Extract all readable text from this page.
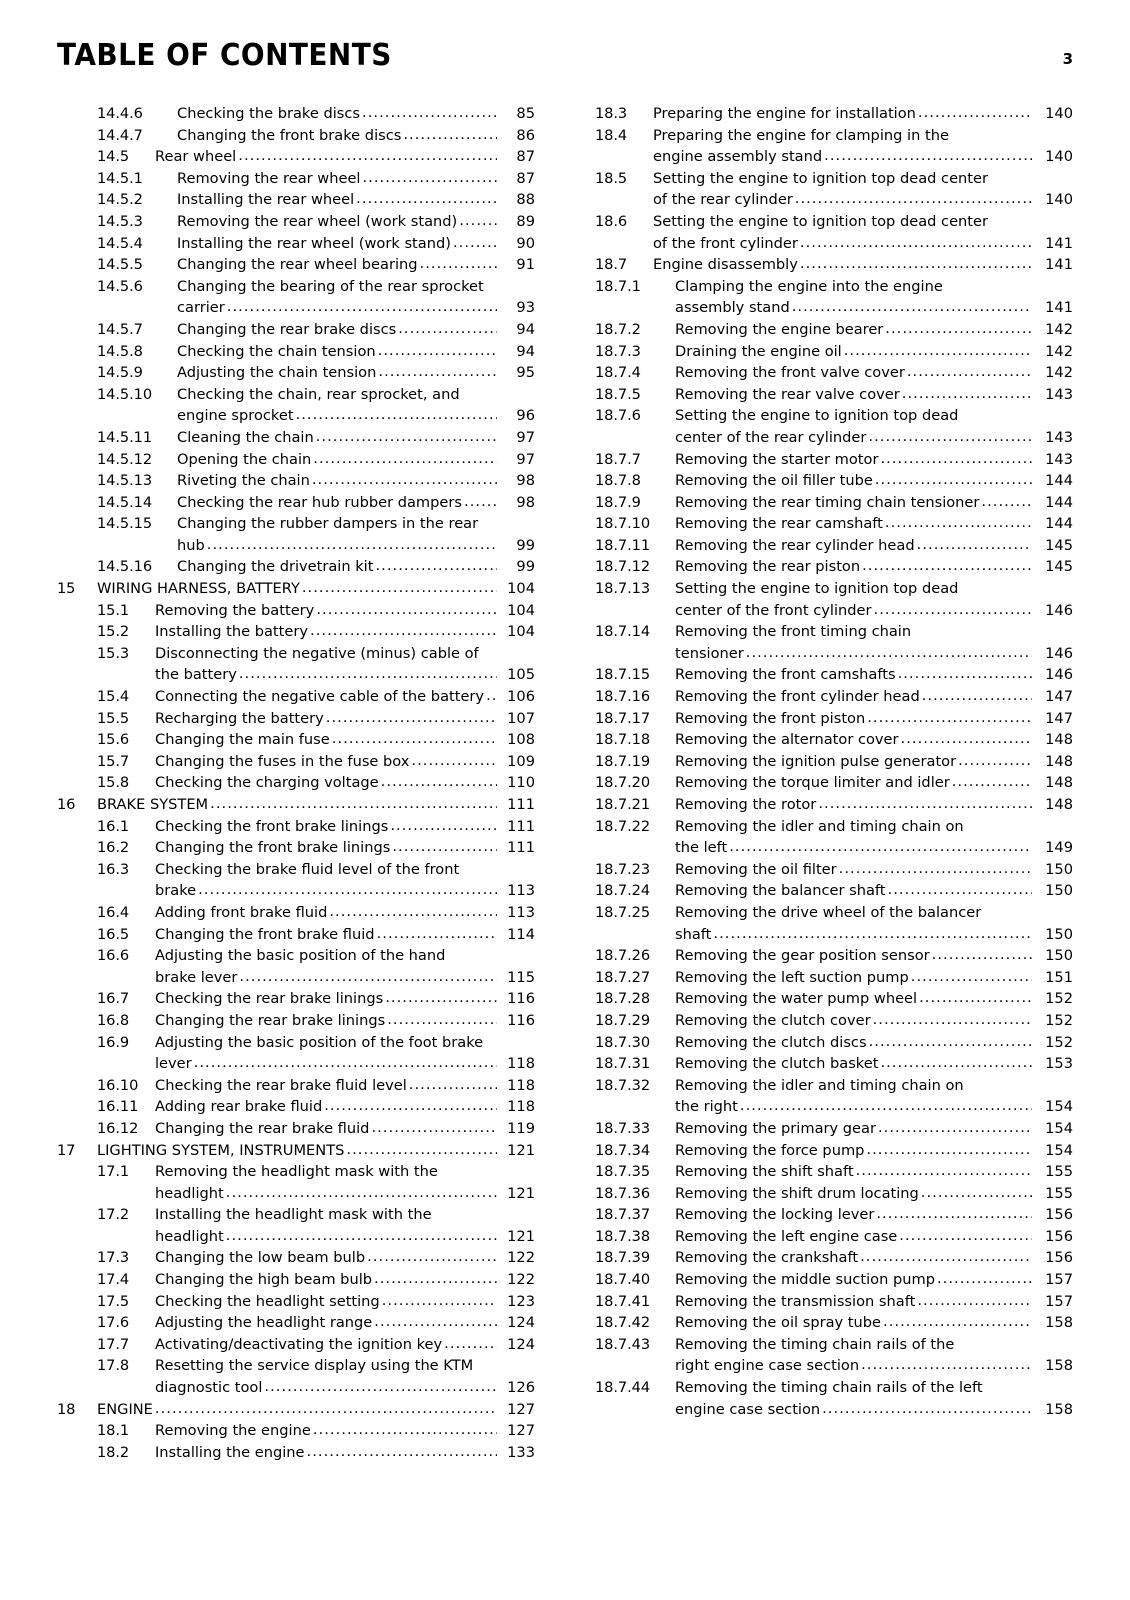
TABLE OF CONTENTS	3
14.4.6	Checking the brake discs .....	85
14.4.7	Changing the front brake discs .....	86
14.5	Rear wheel .....	87
14.5.1	Removing the rear wheel .....	87
14.5.2	Installing the rear wheel .....	88
14.5.3	Removing the rear wheel (work stand) .....	89
14.5.4	Installing the rear wheel (work stand) .....	90
14.5.5	Changing the rear wheel bearing .....	91
14.5.6	Changing the bearing of the rear sprocket
carrier .....	93
14.5.7	Changing the rear brake discs .....	94
14.5.8	Checking the chain tension .....	94
14.5.9	Adjusting the chain tension .....	95
14.5.10	Checking the chain, rear sprocket, and
engine sprocket .....	96
14.5.11	Cleaning the chain .....	97
14.5.12	Opening the chain .....	97
14.5.13	Riveting the chain .....	98
14.5.14	Checking the rear hub rubber dampers .....	98
14.5.15	Changing the rubber dampers in the rear
hub .....	99
14.5.16	Changing the drivetrain kit .....	99
15	WIRING HARNESS, BATTERY .....	104
15.1	Removing the battery .....	104
15.2	Installing the battery .....	104
15.3	Disconnecting the negative (minus) cable of
the battery .....	105
15.4	Connecting the negative cable of the battery .....	106
15.5	Recharging the battery .....	107
15.6	Changing the main fuse .....	108
15.7	Changing the fuses in the fuse box .....	109
15.8	Checking the charging voltage .....	110
16	BRAKE SYSTEM .....	111
16.1	Checking the front brake linings .....	111
16.2	Changing the front brake linings .....	111
16.3	Checking the brake fluid level of the front
brake .....	113
16.4	Adding front brake fluid .....	113
16.5	Changing the front brake fluid .....	114
16.6	Adjusting the basic position of the hand
brake lever .....	115
16.7	Checking the rear brake linings .....	116
16.8	Changing the rear brake linings .....	116
16.9	Adjusting the basic position of the foot brake
lever .....	118
16.10	Checking the rear brake fluid level .....	118
16.11	Adding rear brake fluid .....	118
16.12	Changing the rear brake fluid .....	119
17	LIGHTING SYSTEM, INSTRUMENTS .....	121
17.1	Removing the headlight mask with the
headlight .....	121
17.2	Installing the headlight mask with the
headlight .....	121
17.3	Changing the low beam bulb .....	122
17.4	Changing the high beam bulb .....	122
17.5	Checking the headlight setting .....	123
17.6	Adjusting the headlight range .....	124
17.7	Activating/deactivating the ignition key .....	124
17.8	Resetting the service display using the KTM
diagnostic tool .....	126
18	ENGINE .....	127
18.1	Removing the engine .....	127
18.2	Installing the engine .....	133
18.3	Preparing the engine for installation .....	140
18.4	Preparing the engine for clamping in the
engine assembly stand .....	140
18.5	Setting the engine to ignition top dead center
of the rear cylinder .....	140
18.6	Setting the engine to ignition top dead center
of the front cylinder .....	141
18.7	Engine disassembly .....	141
18.7.1	Clamping the engine into the engine
assembly stand .....	141
18.7.2	Removing the engine bearer .....	142
18.7.3	Draining the engine oil .....	142
18.7.4	Removing the front valve cover .....	142
18.7.5	Removing the rear valve cover .....	143
18.7.6	Setting the engine to ignition top dead
center of the rear cylinder .....	143
18.7.7	Removing the starter motor .....	143
18.7.8	Removing the oil filler tube .....	144
18.7.9	Removing the rear timing chain tensioner .....	144
18.7.10	Removing the rear camshaft .....	144
18.7.11	Removing the rear cylinder head .....	145
18.7.12	Removing the rear piston .....	145
18.7.13	Setting the engine to ignition top dead
center of the front cylinder .....	146
18.7.14	Removing the front timing chain
tensioner .....	146
18.7.15	Removing the front camshafts .....	146
18.7.16	Removing the front cylinder head .....	147
18.7.17	Removing the front piston .....	147
18.7.18	Removing the alternator cover .....	148
18.7.19	Removing the ignition pulse generator .....	148
18.7.20	Removing the torque limiter and idler .....	148
18.7.21	Removing the rotor .....	148
18.7.22	Removing the idler and timing chain on
the left .....	149
18.7.23	Removing the oil filter .....	150
18.7.24	Removing the balancer shaft .....	150
18.7.25	Removing the drive wheel of the balancer
shaft .....	150
18.7.26	Removing the gear position sensor .....	150
18.7.27	Removing the left suction pump .....	151
18.7.28	Removing the water pump wheel .....	152
18.7.29	Removing the clutch cover .....	152
18.7.30	Removing the clutch discs .....	152
18.7.31	Removing the clutch basket .....	153
18.7.32	Removing the idler and timing chain on
the right .....	154
18.7.33	Removing the primary gear .....	154
18.7.34	Removing the force pump .....	154
18.7.35	Removing the shift shaft .....	155
18.7.36	Removing the shift drum locating .....	155
18.7.37	Removing the locking lever .....	156
18.7.38	Removing the left engine case .....	156
18.7.39	Removing the crankshaft .....	156
18.7.40	Removing the middle suction pump .....	157
18.7.41	Removing the transmission shaft .....	157
18.7.42	Removing the oil spray tube .....	158
18.7.43	Removing the timing chain rails of the
right engine case section .....	158
18.7.44	Removing the timing chain rails of the left
engine case section .....	158
